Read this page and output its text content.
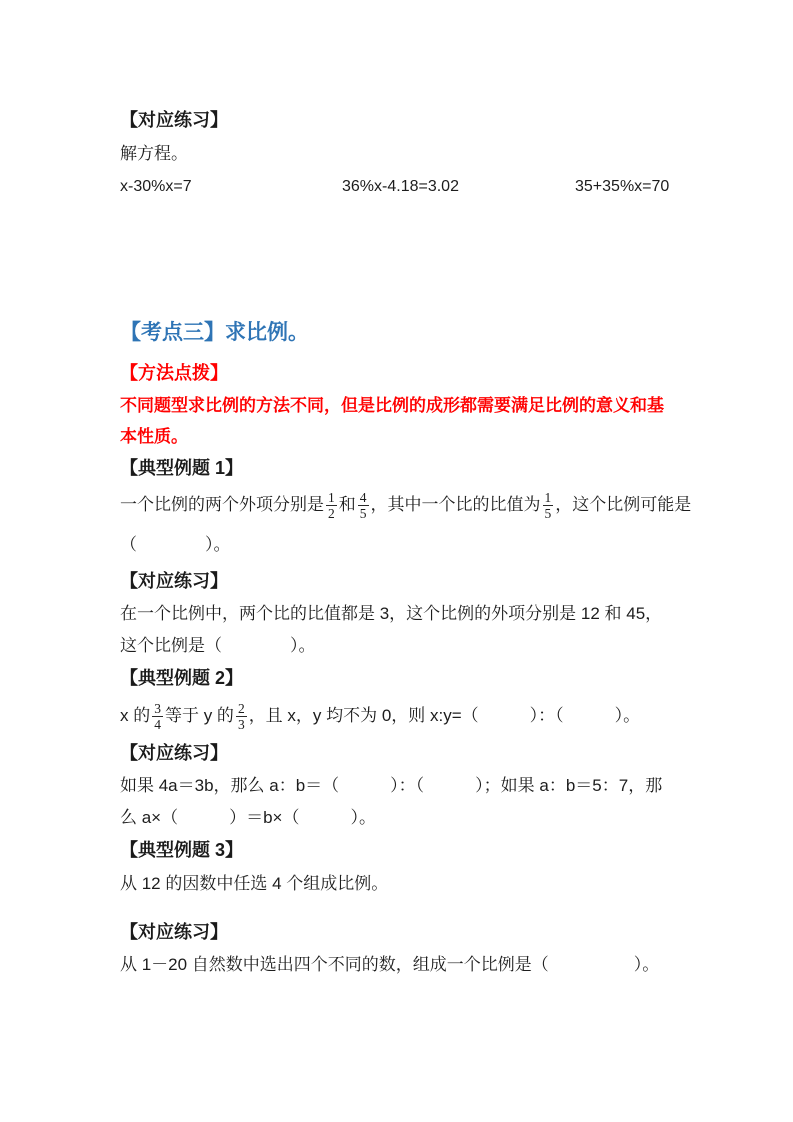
【对应练习】

解方程。

x-30%x=7	36%x-4.18=3.02	35+35%x=70
【考点三】求比例。
【方法点拨】

不同题型求比例的方法不同，但是比例的成形都需要满足比例的意义和基本性质。

【典型例题 1】

一个比例的两个外项分别是 $\frac{1}{2}$ 和 $\frac{4}{5}$ ，其中一个比的比值为 $\frac{1}{5}$ ，这个比例可能是
（　　　　）。

【对应练习】

在一个比例中，两个比的比值都是 3，这个比例的外项分别是 12 和 45，这个比例是（　　　　）。

【典型例题 2】

x 的 $\frac{3}{4}$ 等于 y 的 $\frac{2}{3}$ ，且 x，y 均不为 0，则 x:y=（　　　）：（　　　）。

【对应练习】

如果 4a＝3b，那么 a：b＝（　　　）：（　　　）；如果 a：b＝5：7，那么 a×（　　　）＝b×（　　　）。

【典型例题 3】

从 12 的因数中任选 4 个组成比例。

【对应练习】

从 1－20 自然数中选出四个不同的数，组成一个比例是（　　　　　）。
